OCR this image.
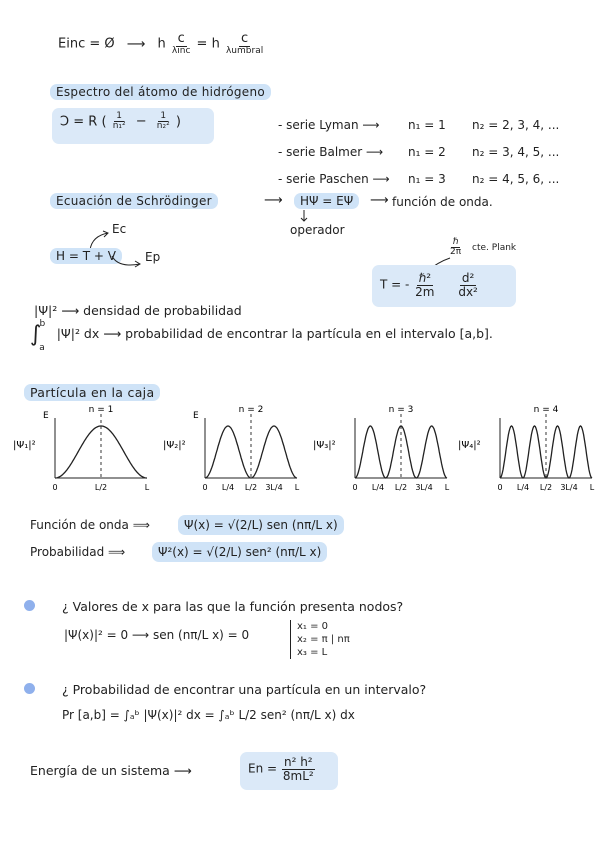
Einc = Ø ⟶ h $\frac{c}{\text{λinc}} = h \frac{c}{\text{λumbral}}$
Espectro del átomo de hidrógeno
Ɔ = R ( $\frac{1}{\text{n₁²}} - \frac{1}{\text{n₂²}}$ )	- serie Lyman ⟶ n₁ = 1 n₂ = 2, 3, 4, ...
- serie Balmer ⟶ n₁ = 2 n₂ = 3, 4, 5, ...
- serie Paschen ⟶ n₁ = 3 n₂ = 4, 5, 6, ...
Ecuación de Schrödinger	⟶	HΨ = EΨ	⟶ función de onda.
operador
Ec
H = T + V	Ep	$\frac{\text{ℏ}}{2\pi}$ cte. Plank
T = - $\frac{\text{ℏ²}}{2m}$
$\frac{\text{d²}}{\text{dx²}}$
|Ψ|² ⟶ densidad de probabilidad
∫$^b_a$ |Ψ|² dx ⟶ probabilidad de encontrar la partícula en el intervalo [a,b].
Partícula en la caja
n = 1
|Ψ₁|²
E
0	L/2	L
n = 2
|Ψ₂|²
E
0 L/4 L/2 3L/4 L
n = 3
|Ψ₃|²
0 L/4 L/2 3L/4 L
n = 4
|Ψ₄|²
0 L/4 L/2 3L/4 L
Función de onda ⟹	Ψ(x) = √(2/L) sen (nπ/L x)
Probabilidad ⟹	Ψ²(x) = √(2/L) sen² (nπ/L x)
¿ Valores de x para las que la función presenta nodos?
|Ψ(x)|² = 0 ⟶ sen (nπ/L x) = 0
x₁ = 0
x₂ = π | nπ
x₃ = L
¿ Probabilidad de encontrar una partícula en un intervalo?
Pr [a,b] = ∫ₐᵇ |Ψ(x)|² dx = ∫ₐᵇ L/2 sen² (nπ/L x) dx
Energía de un sistema ⟶	$En = \frac{\text{n² h²}}{\text{8mL²}}$
